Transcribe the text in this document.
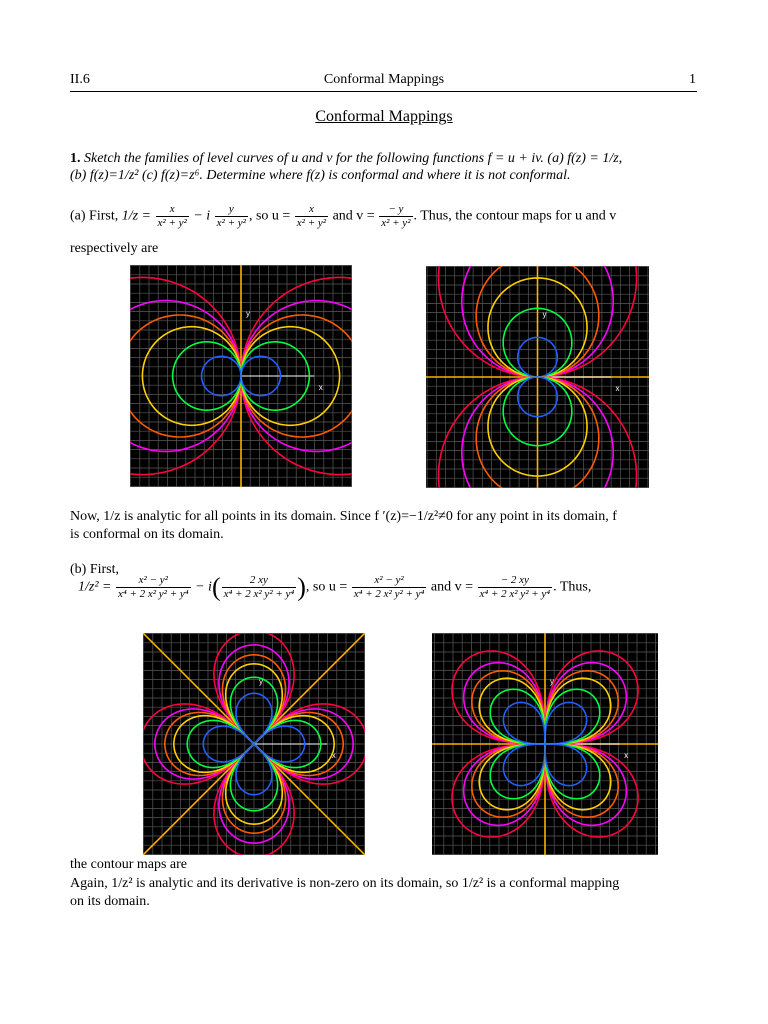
II.6	Conformal Mappings	1
Conformal Mappings
1. Sketch the families of level curves of u and v for the following functions f = u + iv. (a) f(z) = 1/z,
(b) f(z)=1/z² (c) f(z)=z⁶. Determine where f(z) is conformal and where it is not conformal.
(a) First, $1/z = \frac{x}{\text{x² + y²}} - i \frac{y}{\text{x² + y²}}$ , so $u = \frac{x}{\text{x² + y²}}$ and $v = \frac{- y}{\text{x² + y²}}$ . Thus, the contour maps for u and v
respectively are
y
x
y
x
Now, 1/z is analytic for all points in its domain. Since f ′(z)=−1/z²≠0 for any point in its domain, f
is conformal on its domain.
(b) First,
$1/z^2 = \frac{\text{x² − y²}}{\text{x⁴ + 2 x² y² + y⁴}} - i( \frac{2 xy}{\text{x⁴ + 2 x² y² + y⁴}}$ ), so $u = \frac{\text{x² − y²}}{\text{x⁴ + 2 x² y² + y⁴}}$ and $v = \frac{- 2 xy}{\text{x⁴ + 2 x² y² + y⁴}}$ . Thus,
y
x
y
x
the contour maps are
Again, 1/z² is analytic and its derivative is non-zero on its domain, so 1/z² is a conformal mapping
on its domain.
